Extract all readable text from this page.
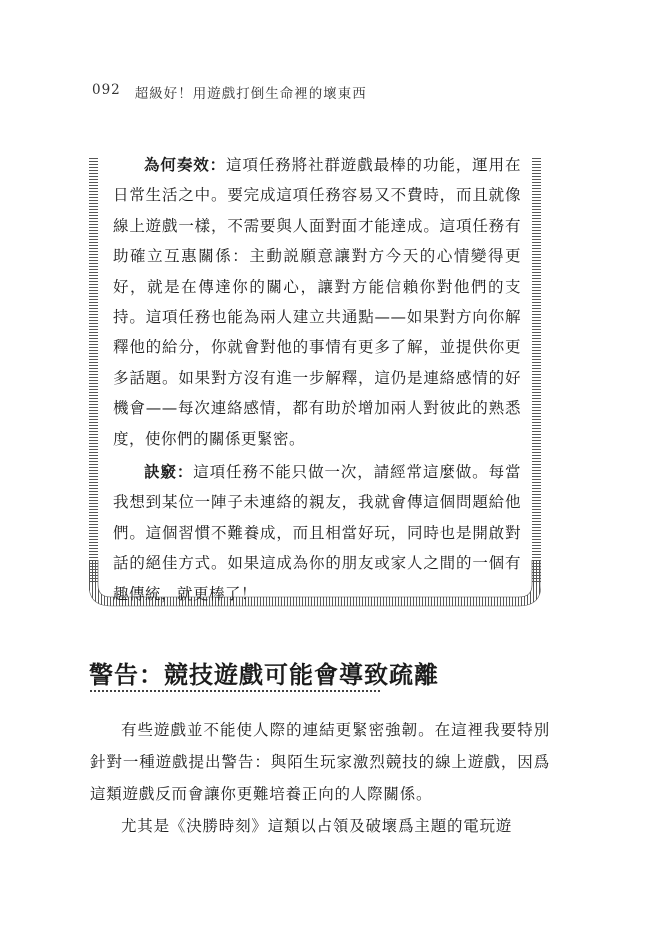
092 超級好！用遊戲打倒生命裡的壞東西

為何奏效：這項任務將社群遊戲最棒的功能，運用在日常生活之中。要完成這項任務容易又不費時，而且就像線上遊戲一樣，不需要與人面對面才能達成。這項任務有助確立互惠關係：主動説願意讓對方今天的心情變得更好，就是在傳達你的關心，讓對方能信賴你對他們的支持。這項任務也能為兩人建立共通點——如果對方向你解釋他的給分，你就會對他的事情有更多了解，並提供你更多話題。如果對方沒有進一步解釋，這仍是連絡感情的好機會——每次連絡感情，都有助於增加兩人對彼此的熟悉度，使你們的關係更緊密。

訣竅：這項任務不能只做一次，請經常這麼做。每當我想到某位一陣子未連絡的親友，我就會傳這個問題給他們。這個習慣不難養成，而且相當好玩，同時也是開啟對話的絕佳方式。如果這成為你的朋友或家人之間的一個有趣傳統，就更棒了！

警告：競技遊戲可能會導致疏離

有些遊戲並不能使人際的連結更緊密強韌。在這裡我要特別針對一種遊戲提出警告：與陌生玩家激烈競技的線上遊戲，因爲這類遊戲反而會讓你更難培養正向的人際關係。

尤其是《決勝時刻》這類以占領及破壞爲主題的電玩遊
